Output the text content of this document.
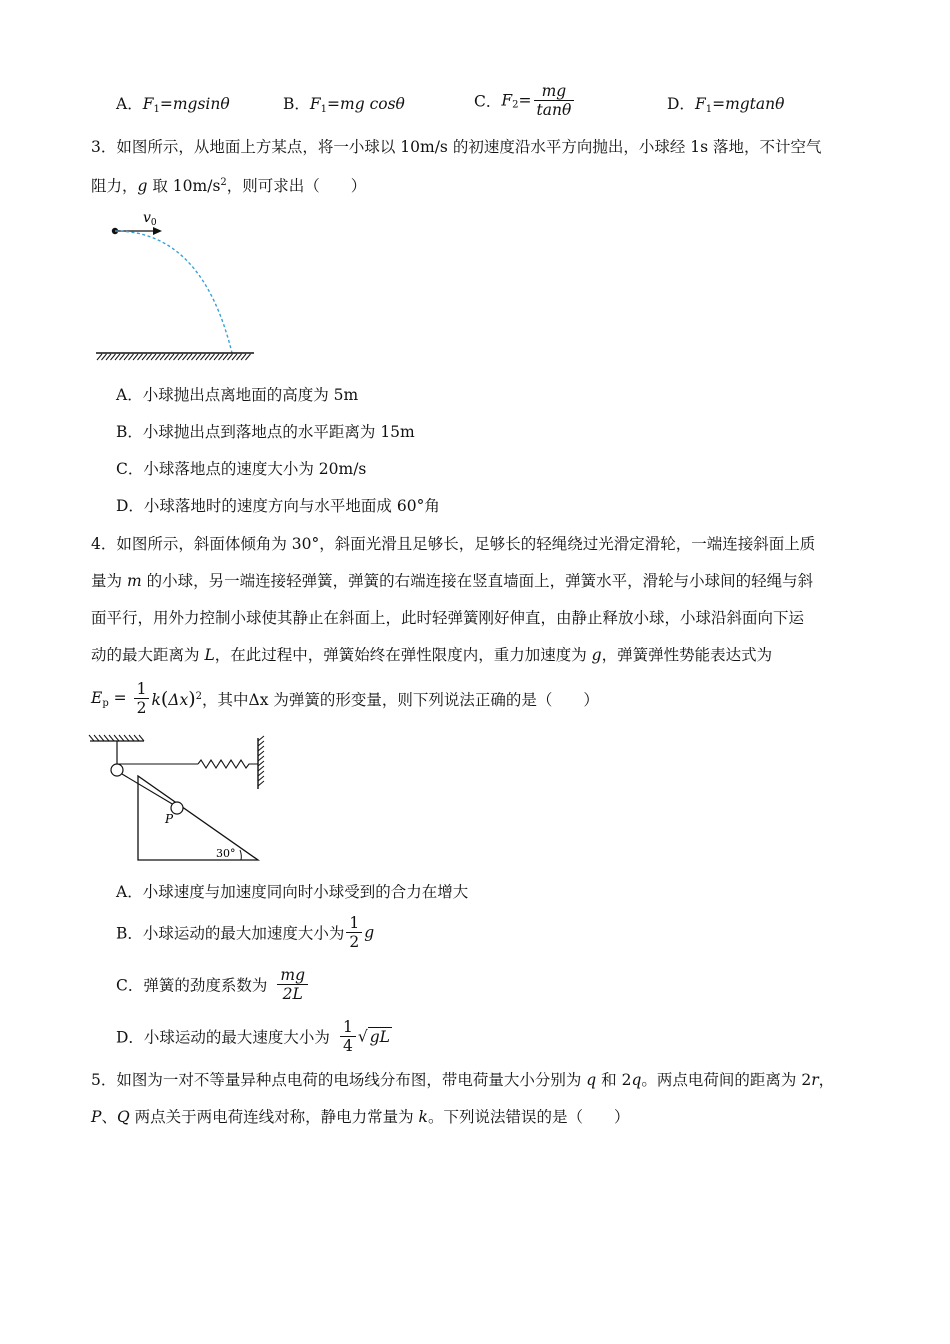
A．$F_1=mgsin\theta$	B．$F_1=mg$ cosθ	C．$F_2= \frac{mg}{\tan\theta}$	D．$F_1=mgtan\theta$
3．如图所示，从地面上方某点，将一小球以 10m/s 的初速度沿水平方向抛出，小球经 1s 落地，不计空气
阻力，g 取 $10m/s^2$，则可求出（　　）
$v_0$
A．小球抛出点离地面的高度为 5m
B．小球抛出点到落地点的水平距离为 15m
C．小球落地点的速度大小为 20m/s
D．小球落地时的速度方向与水平地面成 60°角
4．如图所示，斜面体倾角为 30°，斜面光滑且足够长，足够长的轻绳绕过光滑定滑轮，一端连接斜面上质
量为 m 的小球，另一端连接轻弹簧，弹簧的右端连接在竖直墙面上，弹簧水平，滑轮与小球间的轻绳与斜
面平行，用外力控制小球使其静止在斜面上，此时轻弹簧刚好伸直，由静止释放小球，小球沿斜面向下运
动的最大距离为 L，在此过程中，弹簧始终在弹性限度内，重力加速度为 g，弹簧弹性势能表达式为
$E_p = \frac{1}{2} k(\Delta x)^2$，其中Δx 为弹簧的形变量，则下列说法正确的是（　　）
P
30°
A．小球速度与加速度同向时小球受到的合力在增大
B．小球运动的最大加速度大小为 $\frac{1}{2}$ g
C．弹簧的劲度系数为 $\frac{mg}{2L}$
D．小球运动的最大速度大小为 $\frac{1}{4}$ √ gL
5．如图为一对不等量异种点电荷的电场线分布图，带电荷量大小分别为 q 和 2q。两点电荷间的距离为 2r，
P、Q 两点关于两电荷连线对称，静电力常量为 k。下列说法错误的是（　　）
